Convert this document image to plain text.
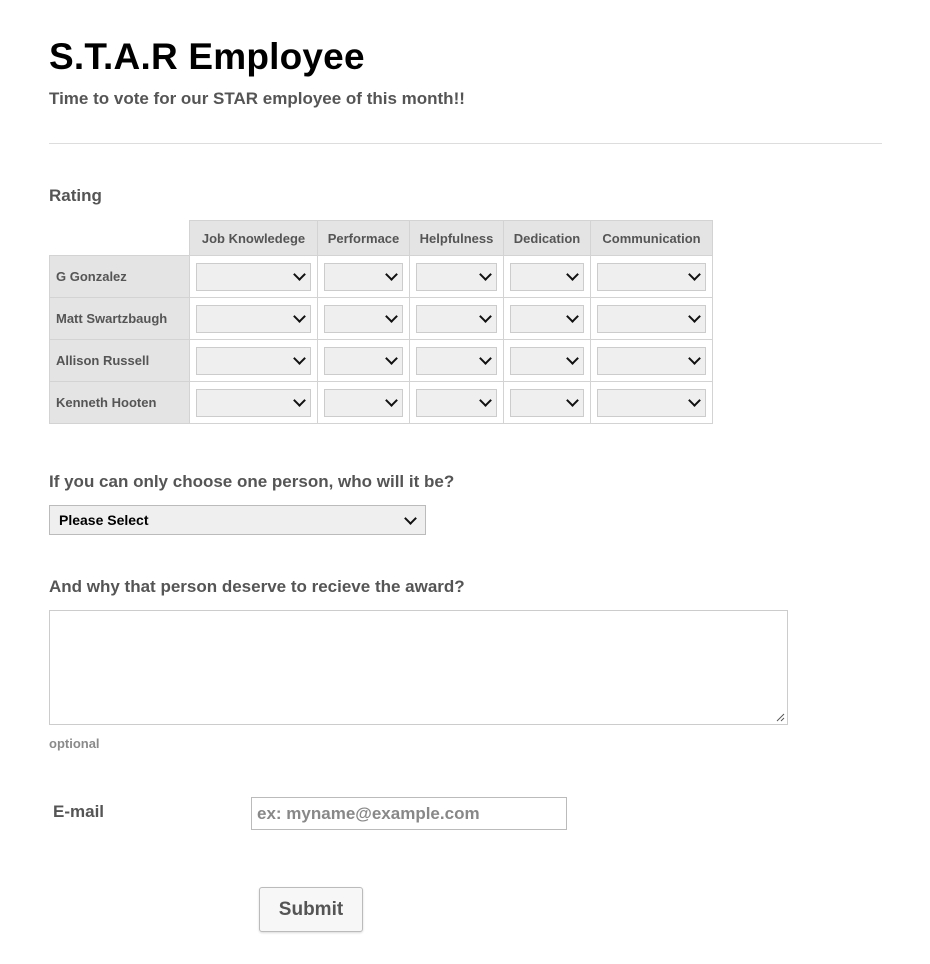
S.T.A.R Employee

Time to vote for our STAR employee of this month!!

Rating
	Job Knowledege	Performace	Helpfulness	Dedication	Communication
G Gonzalez	

Matt Swartzbaugh	

Allison Russell	

Kenneth Hooten	

If you can only choose one person, who will it be?
Please Select
And why that person deserve to recieve the award?
optional
E-mail
ex: myname@example.com
Submit
